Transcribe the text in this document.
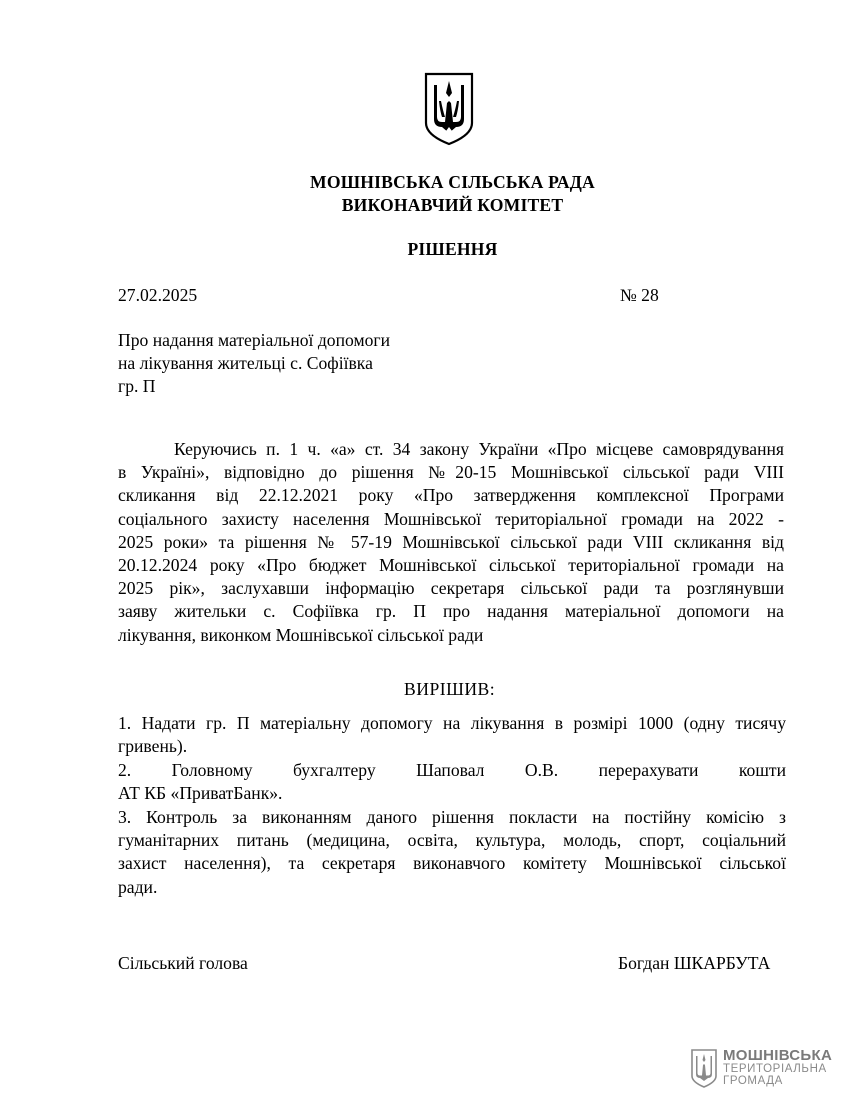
МОШНІВСЬКА СІЛЬСЬКА РАДА
ВИКОНАВЧИЙ КОМІТЕТ
РІШЕННЯ
27.02.2025	№ 28
Про надання матеріальної допомоги
на лікування жительці с. Софіївка
гр. П
Керуючись п. 1 ч. «а» ст. 34 закону України «Про місцеве самоврядування
в Україні», відповідно до рішення №20-15 Мошнівської сільської ради VIII
скликання від 22.12.2021 року «Про затвердження комплексної Програми
соціального захисту населення Мошнівської територіальної громади на 2022 -
2025 роки» та рішення № 57-19 Мошнівської сільської ради VIII скликання від
20.12.2024 року «Про бюджет Мошнівської сільської територіальної громади на
2025 рік», заслухавши інформацію секретаря сільської ради та розглянувши
заяву жительки с. Софіївка гр. П про надання матеріальної допомоги на
лікування, виконком Мошнівської сільської ради
ВИРІШИВ:
1. Надати гр. П матеріальну допомогу на лікування в розмірі 1000 (одну тисячу
гривень).
2. Головному бухгалтеру Шаповал О.В. перерахувати кошти
АТ КБ «ПриватБанк».
3. Контроль за виконанням даного рішення покласти на постійну комісію з
гуманітарних питань (медицина, освіта, культура, молодь, спорт, соціальний
захист населення), та секретаря виконавчого комітету Мошнівської сільської
ради.
Сільський голова	Богдан ШКАРБУТА
МОШНІВСЬКА
ТЕРИТОРІАЛЬНА
ГРОМАДА
